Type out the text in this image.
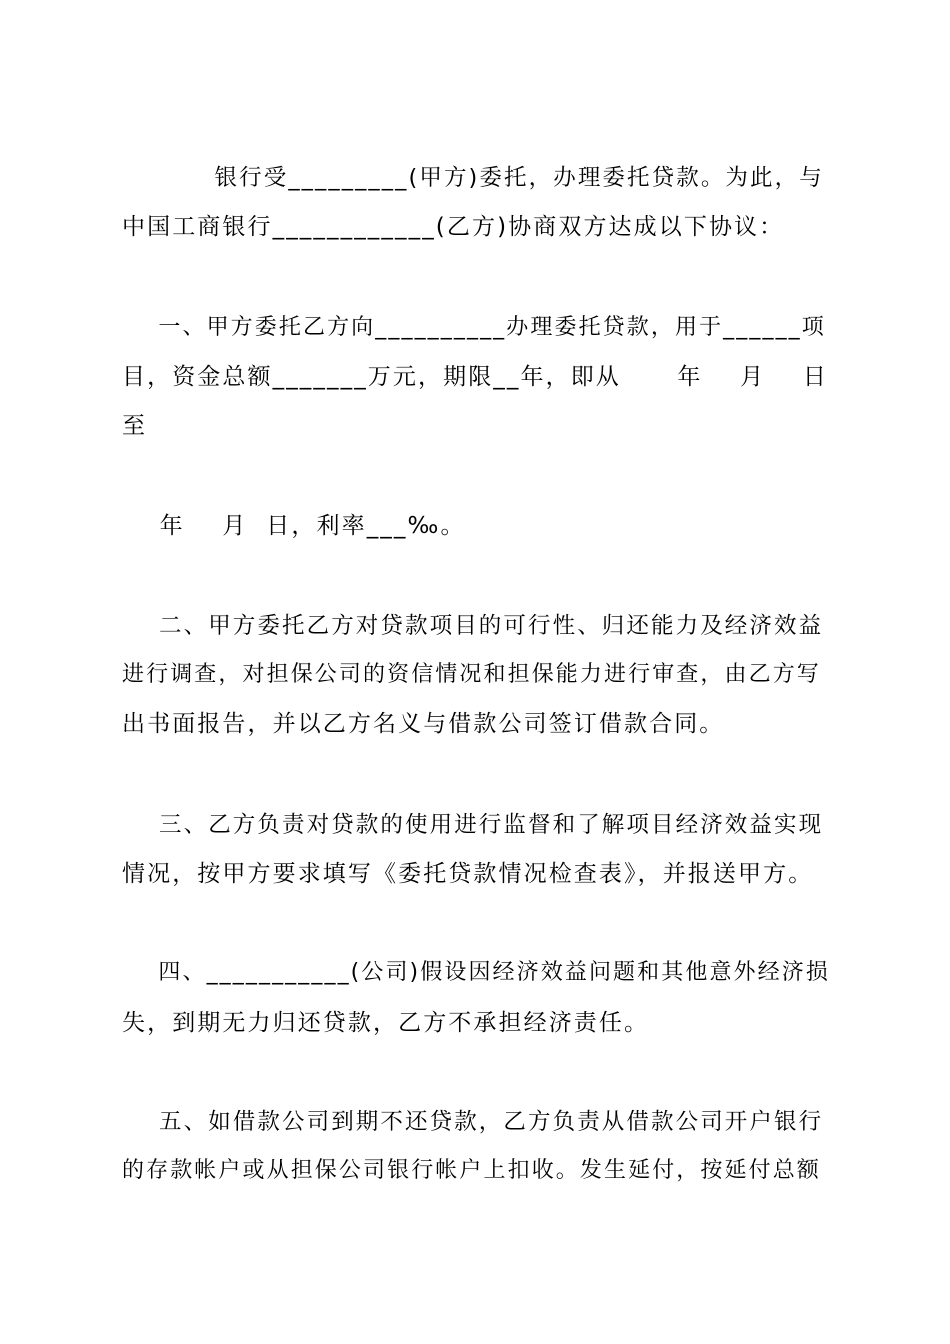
银行受_________(甲方)委托，办理委托贷款。为此，与
中国工商银行____________(乙方)协商双方达成以下协议：
一、甲方委托乙方向__________办理委托贷款，用于______项
目，资金总额_______万元，期限__年，即从      年    月    日
至
年    月  日，利率___‰。
二、甲方委托乙方对贷款项目的可行性、归还能力及经济效益
进行调查，对担保公司的资信情况和担保能力进行审查，由乙方写
出书面报告，并以乙方名义与借款公司签订借款合同。
三、乙方负责对贷款的使用进行监督和了解项目经济效益实现
情况，按甲方要求填写《委托贷款情况检查表》，并报送甲方。
四、___________(公司)假设因经济效益问题和其他意外经济损
失，到期无力归还贷款，乙方不承担经济责任。
五、如借款公司到期不还贷款，乙方负责从借款公司开户银行
的存款帐户或从担保公司银行帐户上扣收。发生延付，按延付总额
